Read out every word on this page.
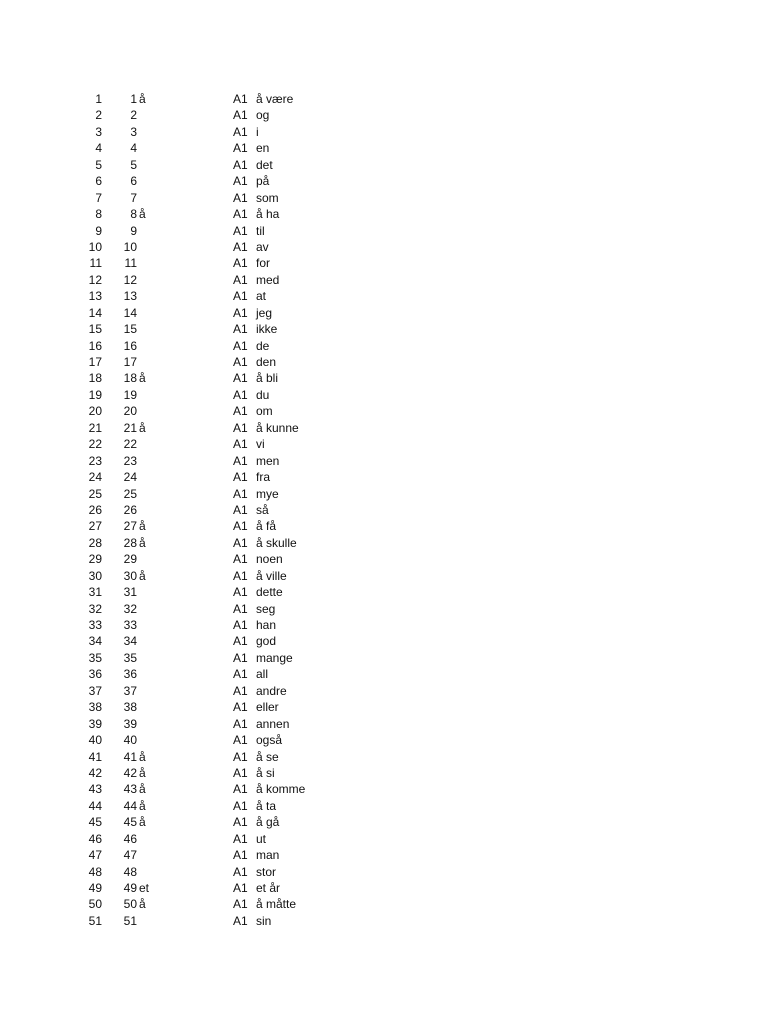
1	1 å	A1 å være
2	2	A1 og
3	3	A1 i
4	4	A1 en
5	5	A1 det
6	6	A1 på
7	7	A1 som
8	8 å	A1 å ha
9	9	A1 til
10 10	A1 av
11 11	A1 for
12 12	A1 med
13 13	A1 at
14 14	A1 jeg
15 15	A1 ikke
16 16	A1 de
17 17	A1 den
18 18 å	A1 å bli
19 19	A1 du
20 20	A1 om
21 21 å	A1 å kunne
22 22	A1 vi
23 23	A1 men
24 24	A1 fra
25 25	A1 mye
26 26	A1 så
27 27 å	A1 å få
28 28 å	A1 å skulle
29 29	A1 noen
30 30 å	A1 å ville
31 31	A1 dette
32 32	A1 seg
33 33	A1 han
34 34	A1 god
35 35	A1 mange
36 36	A1 all
37 37	A1 andre
38 38	A1 eller
39 39	A1 annen
40 40	A1 også
41 41 å	A1 å se
42 42 å	A1 å si
43 43 å	A1 å komme
44 44 å	A1 å ta
45 45 å	A1 å gå
46 46	A1 ut
47 47	A1 man
48 48	A1 stor
49 49 et	A1 et år
50 50 å	A1 å måtte
51 51	A1 sin
